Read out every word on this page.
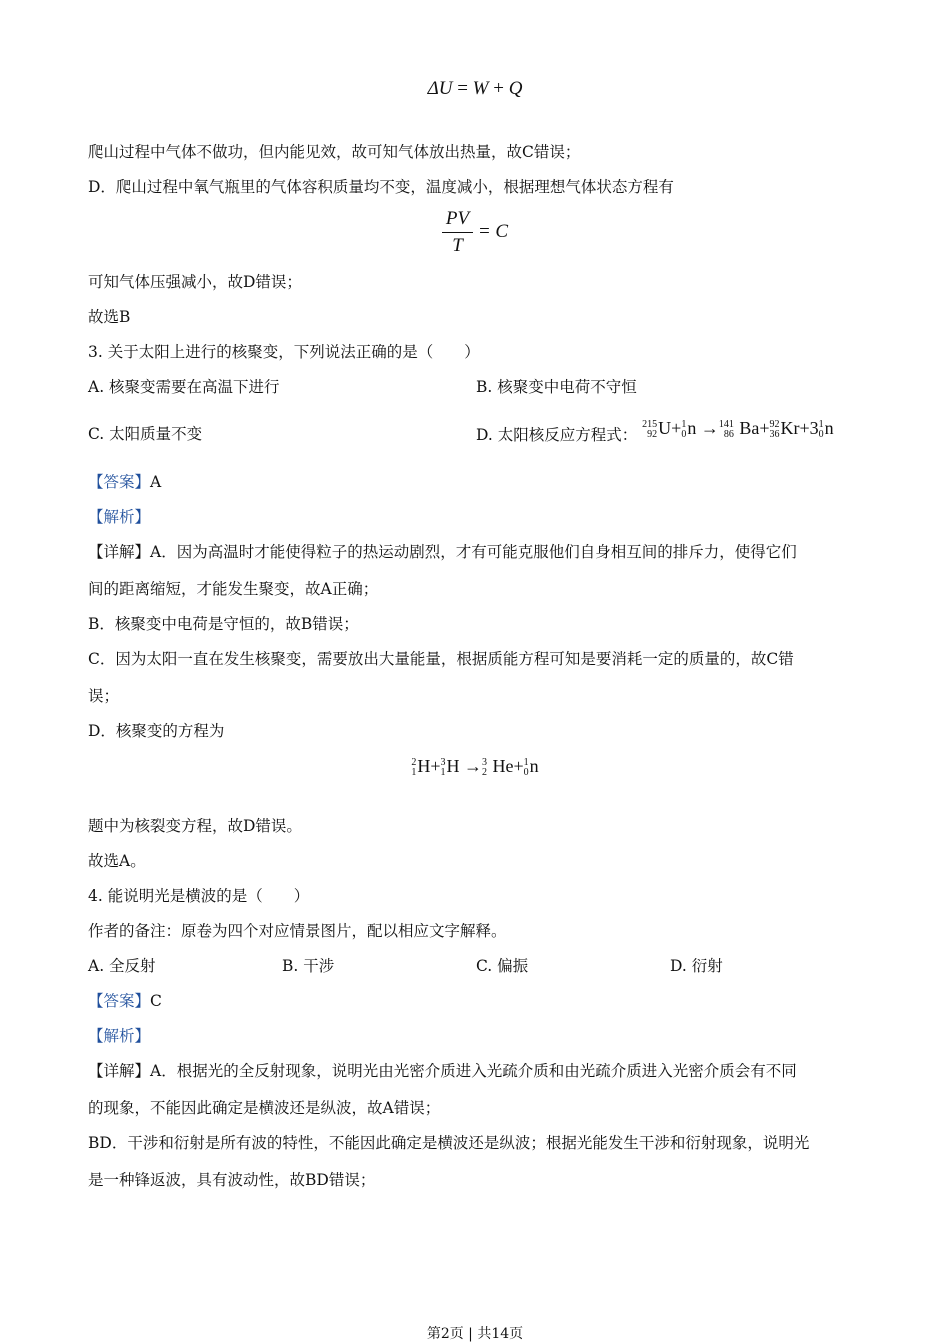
ΔU = W + Q
爬山过程中气体不做功，但内能见效，故可知气体放出热量，故C错误；
D．爬山过程中氧气瓶里的气体容积质量均不变，温度减小，根据理想气体状态方程有
$\frac{PV}{T} = C$
可知气体压强减小，故D错误；
故选B
3. 关于太阳上进行的核聚变，下列说法正确的是（　　）
A. 核聚变需要在高温下进行	B. 核聚变中电荷不守恒
C. 太阳质量不变	D. 太阳核反应方程式：
215
92 U+ 1
0 n → 141
86 Ba+ 92
36 Kr+3 1
0 n
【答案】A
【解析】
【详解】A．因为高温时才能使得粒子的热运动剧烈，才有可能克服他们自身相互间的排斥力，使得它们
间的距离缩短，才能发生聚变，故A正确；
B．核聚变中电荷是守恒的，故B错误；
C．因为太阳一直在发生核聚变，需要放出大量能量，根据质能方程可知是要消耗一定的质量的，故C错
误；
D．核聚变的方程为
2
1 H+ 3
1 H → 3
2 He+ 1
0 n
题中为核裂变方程，故D错误。
故选A。
4. 能说明光是横波的是（　　）
作者的备注：原卷为四个对应情景图片，配以相应文字解释。
A. 全反射	B. 干涉	C. 偏振	D. 衍射
【答案】C
【解析】
【详解】A．根据光的全反射现象，说明光由光密介质进入光疏介质和由光疏介质进入光密介质会有不同
的现象，不能因此确定是横波还是纵波，故A错误；
BD．干涉和衍射是所有波的特性，不能因此确定是横波还是纵波；根据光能发生干涉和衍射现象，说明光
是一种锋返波，具有波动性，故BD错误；
第2页 | 共14页
